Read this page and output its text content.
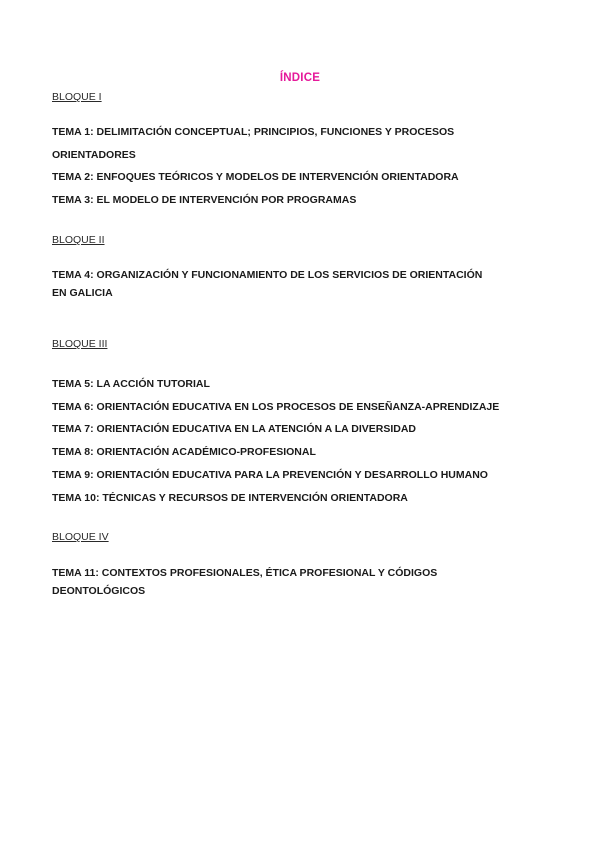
ÍNDICE
BLOQUE I
TEMA 1: DELIMITACIÓN CONCEPTUAL; PRINCIPIOS, FUNCIONES Y PROCESOS
ORIENTADORES
TEMA 2: ENFOQUES TEÓRICOS Y MODELOS DE INTERVENCIÓN ORIENTADORA
TEMA 3: EL MODELO DE INTERVENCIÓN POR PROGRAMAS
BLOQUE II
TEMA 4: ORGANIZACIÓN Y FUNCIONAMIENTO DE LOS SERVICIOS DE ORIENTACIÓN
EN GALICIA
BLOQUE III
TEMA 5: LA ACCIÓN TUTORIAL
TEMA 6: ORIENTACIÓN EDUCATIVA EN LOS PROCESOS DE ENSEÑANZA-APRENDIZAJE
TEMA 7: ORIENTACIÓN EDUCATIVA EN LA ATENCIÓN A LA DIVERSIDAD
TEMA 8: ORIENTACIÓN ACADÉMICO-PROFESIONAL
TEMA 9: ORIENTACIÓN EDUCATIVA PARA LA PREVENCIÓN Y DESARROLLO HUMANO
TEMA 10: TÉCNICAS Y RECURSOS DE INTERVENCIÓN ORIENTADORA
BLOQUE IV
TEMA 11: CONTEXTOS PROFESIONALES, ÉTICA PROFESIONAL Y CÓDIGOS
DEONTOLÓGICOS
